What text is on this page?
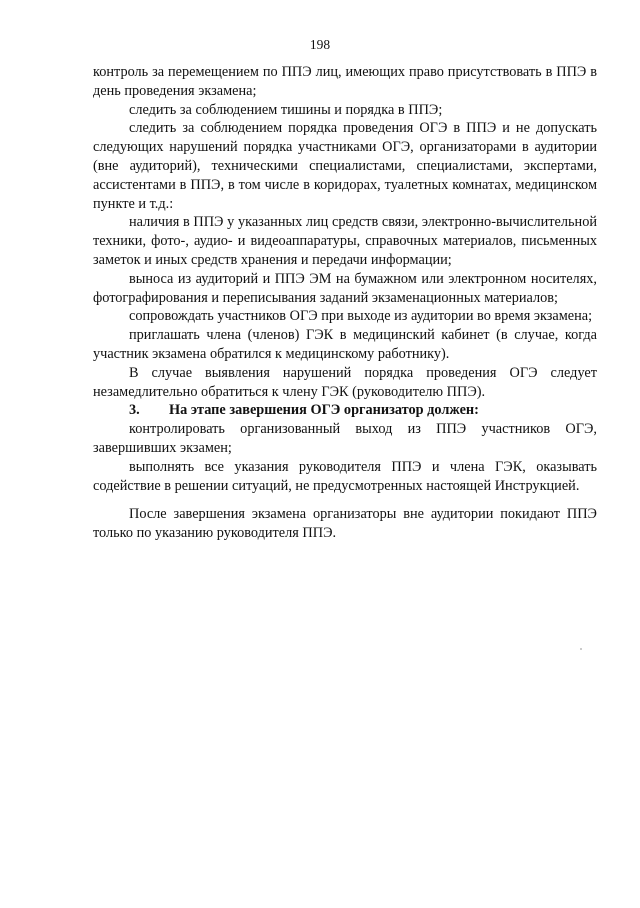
198

контроль за перемещением по ППЭ лиц, имеющих право присутствовать в ППЭ в день проведения экзамена;

следить за соблюдением тишины и порядка в ППЭ;

следить за соблюдением порядка проведения ОГЭ в ППЭ и не допускать следующих нарушений порядка участниками ОГЭ, организаторами в аудитории (вне аудиторий), техническими специалистами, специалистами, экспертами, ассистентами в ППЭ, в том числе в коридорах, туалетных комнатах, медицинском пункте и т.д.:

наличия в ППЭ у указанных лиц средств связи, электронно-вычислительной техники, фото-, аудио- и видеоаппаратуры, справочных материалов, письменных заметок и иных средств хранения и передачи информации;

выноса из аудиторий и ППЭ ЭМ на бумажном или электронном носителях, фотографирования и переписывания заданий экзаменационных материалов;

сопровождать участников ОГЭ при выходе из аудитории во время экзамена;

приглашать члена (членов) ГЭК в медицинский кабинет (в случае, когда участник экзамена обратился к медицинскому работнику).

В случае выявления нарушений порядка проведения ОГЭ следует незамедлительно обратиться к члену ГЭК (руководителю ППЭ).

3. На этапе завершения ОГЭ организатор должен:

контролировать организованный выход из ППЭ участников ОГЭ, завершивших экзамен;

выполнять все указания руководителя ППЭ и члена ГЭК, оказывать содействие в решении ситуаций, не предусмотренных настоящей Инструкцией.

После завершения экзамена организаторы вне аудитории покидают ППЭ только по указанию руководителя ППЭ.
